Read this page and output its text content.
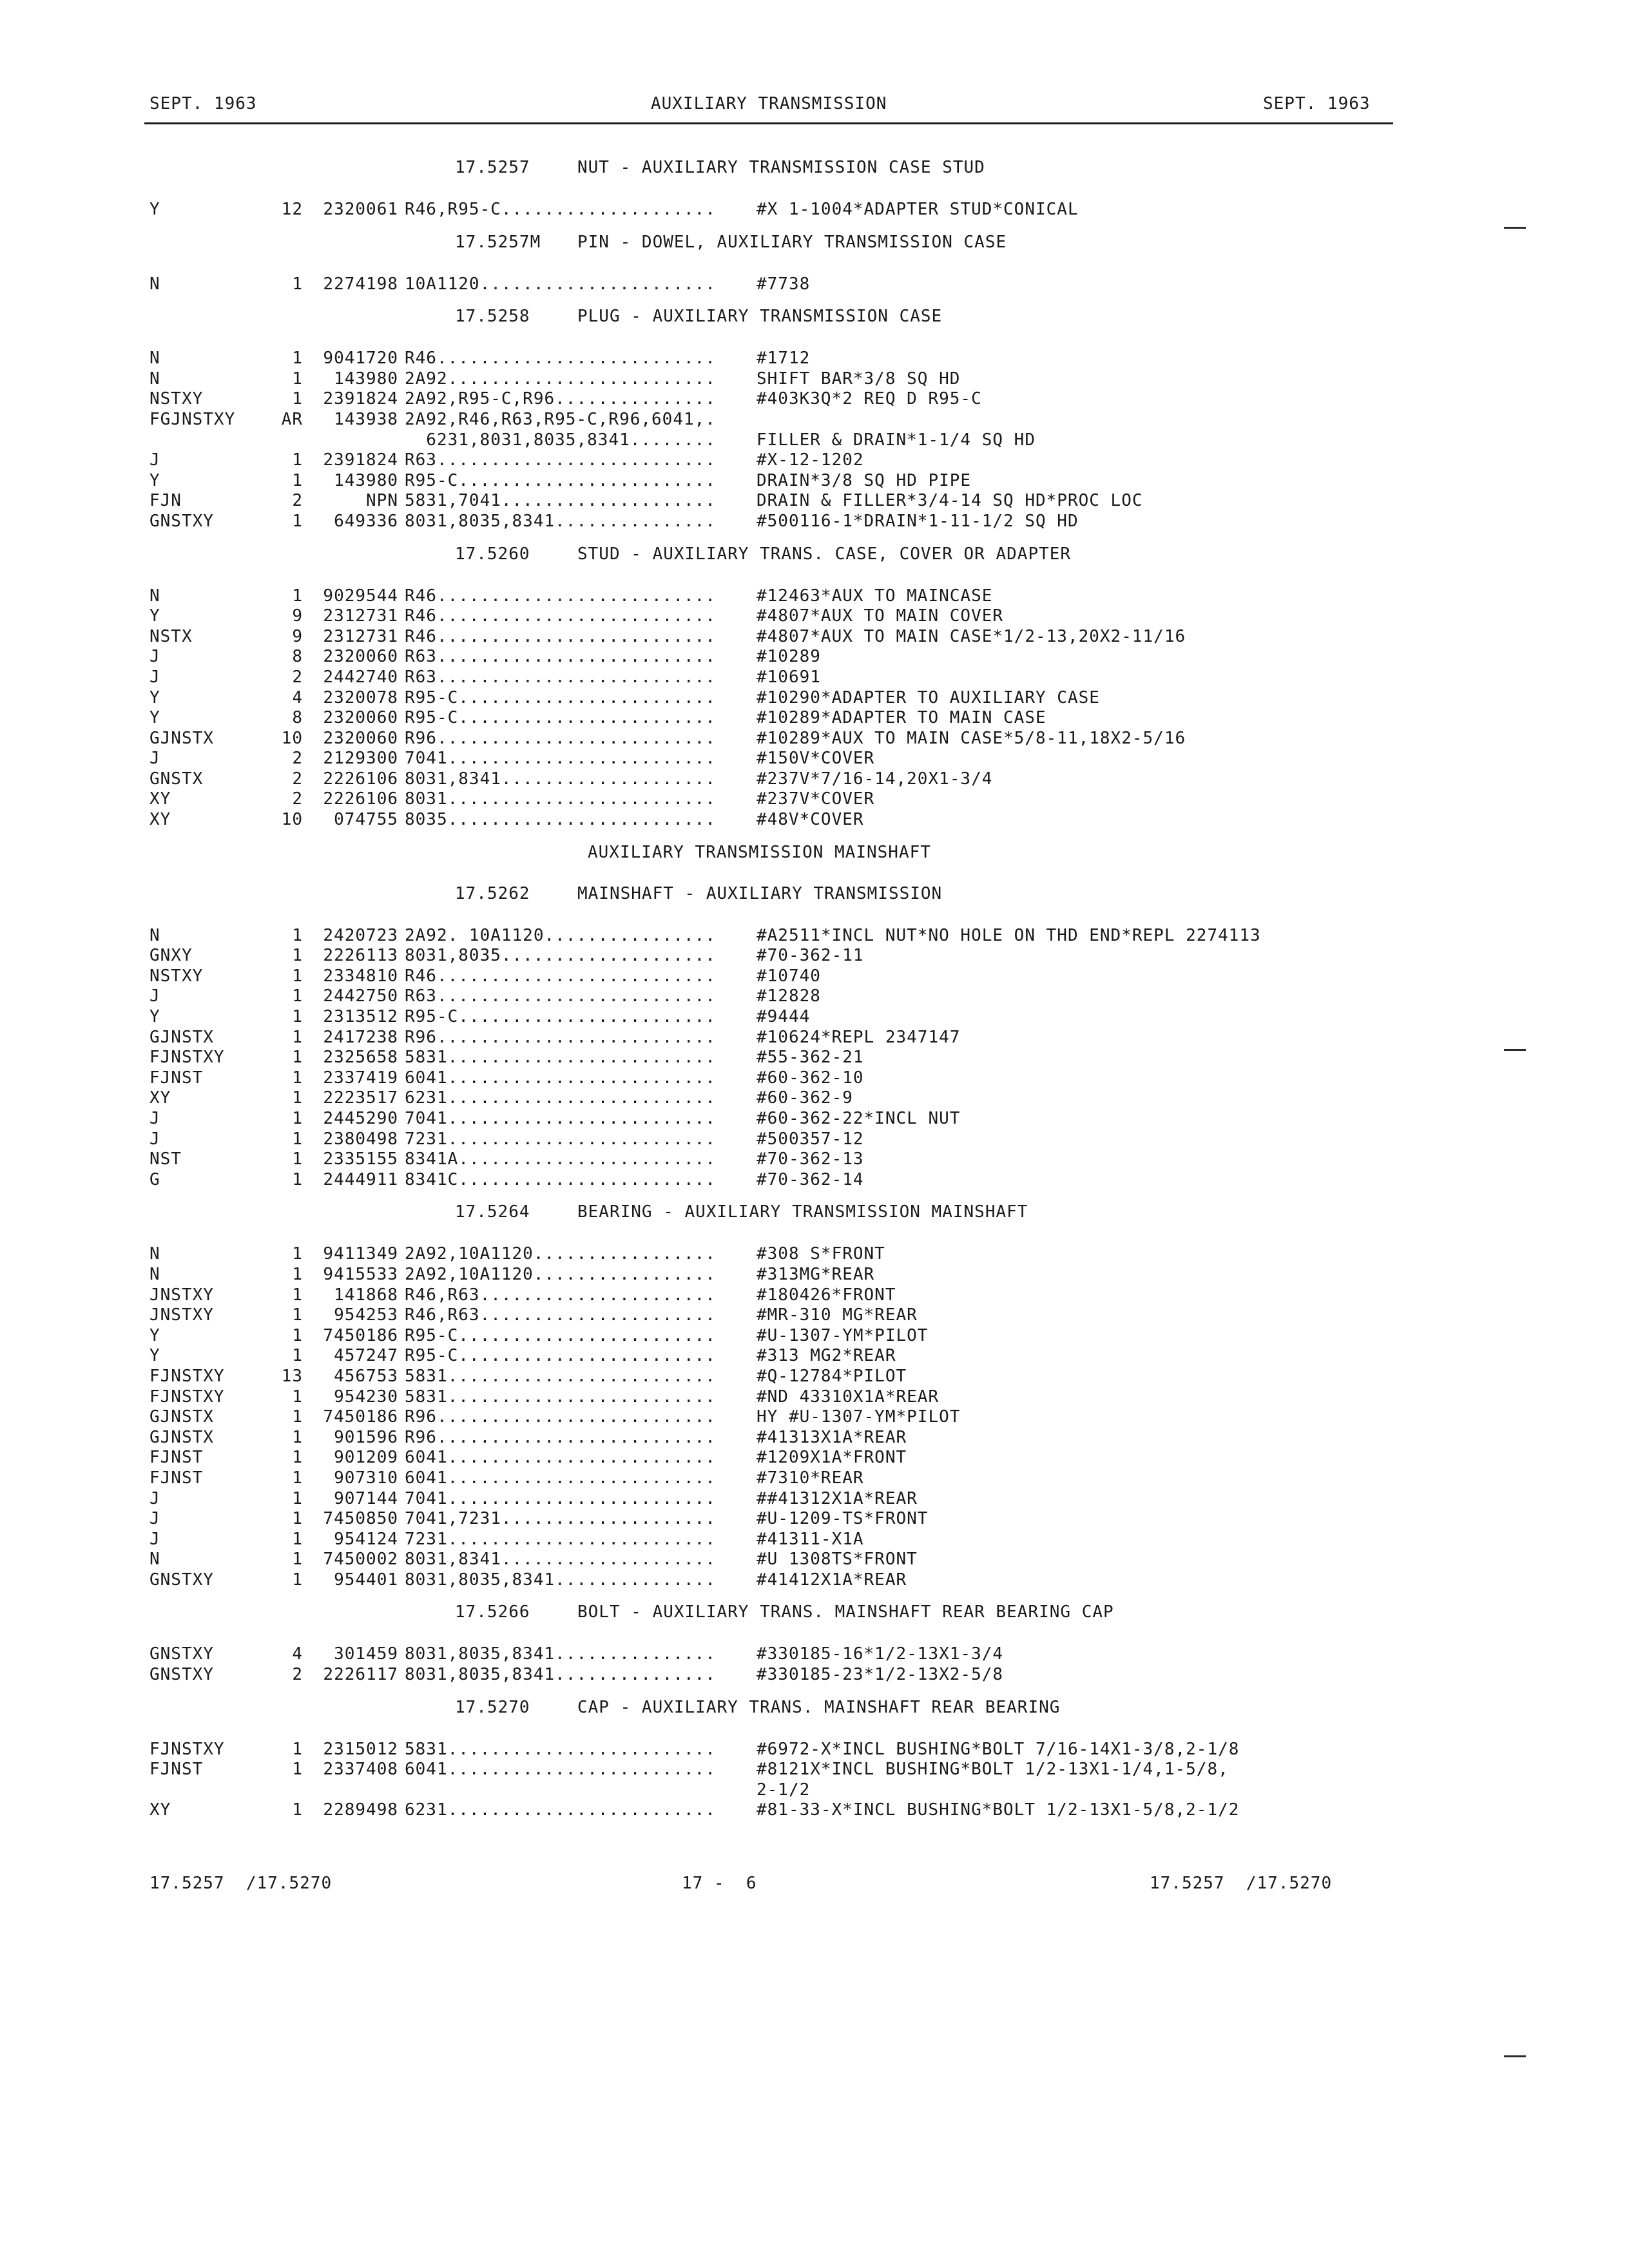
SEPT. 1963	AUXILIARY TRANSMISSION	SEPT. 1963
17.5257	NUT - AUXILIARY TRANSMISSION CASE STUD
Y	12	2320061 R46,R95-C.................... #X 1-1004*ADAPTER STUD*CONICAL
17.5257M PIN - DOWEL, AUXILIARY TRANSMISSION CASE
N	1	2274198 10A1120...................... #7738
17.5258	PLUG - AUXILIARY TRANSMISSION CASE
N	1	9041720 R46.......................... #1712
N	1	143980 2A92......................... SHIFT BAR*3/8 SQ HD
NSTXY	1	2391824 2A92,R95-C,R96............... #403K3Q*2 REQ D R95-C
FGJNSTXY	AR	143938 2A92,R46,R63,R95-C,R96,6041,.
6231,8031,8035,8341........ FILLER & DRAIN*1-1/4 SQ HD
J	1	2391824 R63.......................... #X-12-1202
Y	1	143980 R95-C........................ DRAIN*3/8 SQ HD PIPE
FJN	2	NPN 5831,7041.................... DRAIN & FILLER*3/4-14 SQ HD*PROC LOC
GNSTXY	1	649336 8031,8035,8341............... #500116-1*DRAIN*1-11-1/2 SQ HD
17.5260	STUD - AUXILIARY TRANS. CASE, COVER OR ADAPTER
N	1	9029544 R46.......................... #12463*AUX TO MAINCASE
Y	9	2312731 R46.......................... #4807*AUX TO MAIN COVER
NSTX	9	2312731 R46.......................... #4807*AUX TO MAIN CASE*1/2-13,20X2-11/16
J	8	2320060 R63.......................... #10289
J	2	2442740 R63.......................... #10691
Y	4	2320078 R95-C........................ #10290*ADAPTER TO AUXILIARY CASE
Y	8	2320060 R95-C........................ #10289*ADAPTER TO MAIN CASE
GJNSTX	10	2320060 R96.......................... #10289*AUX TO MAIN CASE*5/8-11,18X2-5/16
J	2	2129300 7041......................... #150V*COVER
GNSTX	2	2226106 8031,8341.................... #237V*7/16-14,20X1-3/4
XY	2	2226106 8031......................... #237V*COVER
XY	10	074755 8035......................... #48V*COVER
AUXILIARY TRANSMISSION MAINSHAFT
17.5262	MAINSHAFT - AUXILIARY TRANSMISSION
N	1	2420723 2A92. 10A1120................ #A2511*INCL NUT*NO HOLE ON THD END*REPL 2274113
GNXY	1	2226113 8031,8035.................... #70-362-11
NSTXY	1	2334810 R46.......................... #10740
J	1	2442750 R63.......................... #12828
Y	1	2313512 R95-C........................ #9444
GJNSTX	1	2417238 R96.......................... #10624*REPL 2347147
FJNSTXY	1	2325658 5831......................... #55-362-21
FJNST	1	2337419 6041......................... #60-362-10
XY	1	2223517 6231......................... #60-362-9
J	1	2445290 7041......................... #60-362-22*INCL NUT
J	1	2380498 7231......................... #500357-12
NST	1	2335155 8341A........................ #70-362-13
G	1	2444911 8341C........................ #70-362-14
17.5264	BEARING - AUXILIARY TRANSMISSION MAINSHAFT
N	1	9411349 2A92,10A1120................. #308 S*FRONT
N	1	9415533 2A92,10A1120................. #313MG*REAR
JNSTXY	1	141868 R46,R63...................... #180426*FRONT
JNSTXY	1	954253 R46,R63...................... #MR-310 MG*REAR
Y	1	7450186 R95-C........................ #U-1307-YM*PILOT
Y	1	457247 R95-C........................ #313 MG2*REAR
FJNSTXY	13	456753 5831......................... #Q-12784*PILOT
FJNSTXY	1	954230 5831......................... #ND 43310X1A*REAR
GJNSTX	1	7450186 R96.......................... HY #U-1307-YM*PILOT
GJNSTX	1	901596 R96.......................... #41313X1A*REAR
FJNST	1	901209 6041......................... #1209X1A*FRONT
FJNST	1	907310 6041......................... #7310*REAR
J	1	907144 7041......................... ##41312X1A*REAR
J	1	7450850 7041,7231.................... #U-1209-TS*FRONT
J	1	954124 7231......................... #41311-X1A
N	1	7450002 8031,8341.................... #U 1308TS*FRONT
GNSTXY	1	954401 8031,8035,8341............... #41412X1A*REAR
17.5266	BOLT - AUXILIARY TRANS. MAINSHAFT REAR BEARING CAP
GNSTXY	4	301459 8031,8035,8341............... #330185-16*1/2-13X1-3/4
GNSTXY	2	2226117 8031,8035,8341............... #330185-23*1/2-13X2-5/8
17.5270	CAP - AUXILIARY TRANS. MAINSHAFT REAR BEARING
FJNSTXY	1	2315012 5831......................... #6972-X*INCL BUSHING*BOLT 7/16-14X1-3/8,2-1/8
FJNST	1	2337408 6041......................... #8121X*INCL BUSHING*BOLT 1/2-13X1-1/4,1-5/8,
2-1/2
XY	1	2289498 6231......................... #81-33-X*INCL BUSHING*BOLT 1/2-13X1-5/8,2-1/2
17.5257  /17.5270	17 -  6	17.5257  /17.5270
